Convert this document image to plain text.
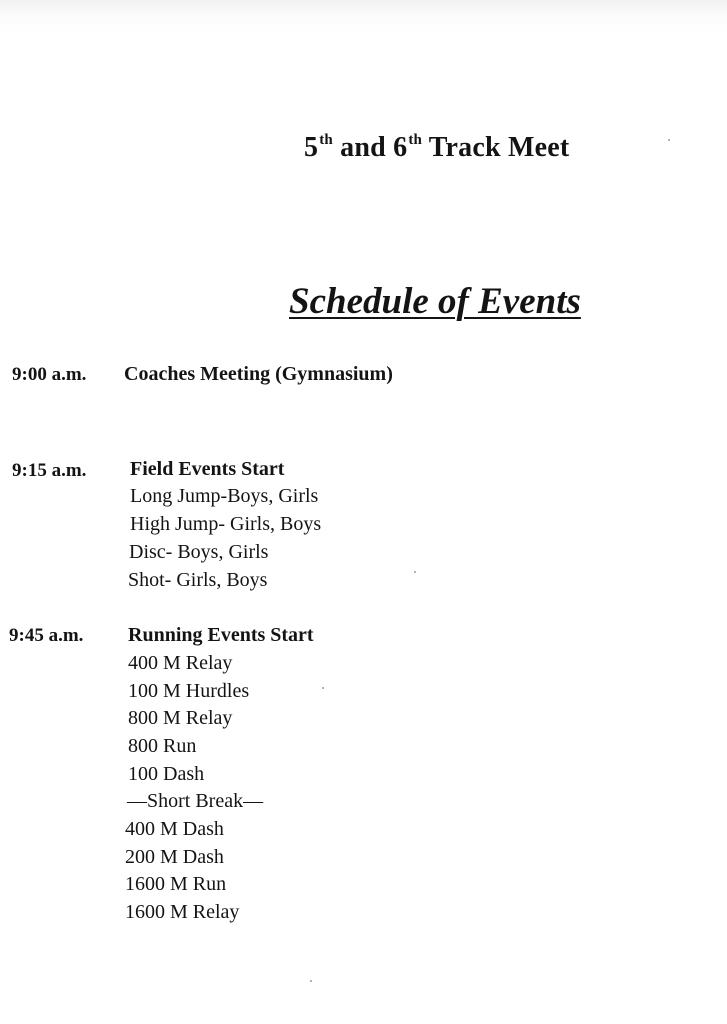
5th and 6th Track Meet
Schedule of Events
9:00 a.m. Coaches Meeting (Gymnasium)
9:15 a.m. Field Events Start
Long Jump-Boys, Girls
High Jump- Girls, Boys
Disc- Boys, Girls
Shot- Girls, Boys
9:45 a.m. Running Events Start
400 M Relay
100 M Hurdles
800 M Relay
800 Run
100 Dash
—Short Break—
400 M Dash
200 M Dash
1600 M Run
1600 M Relay
